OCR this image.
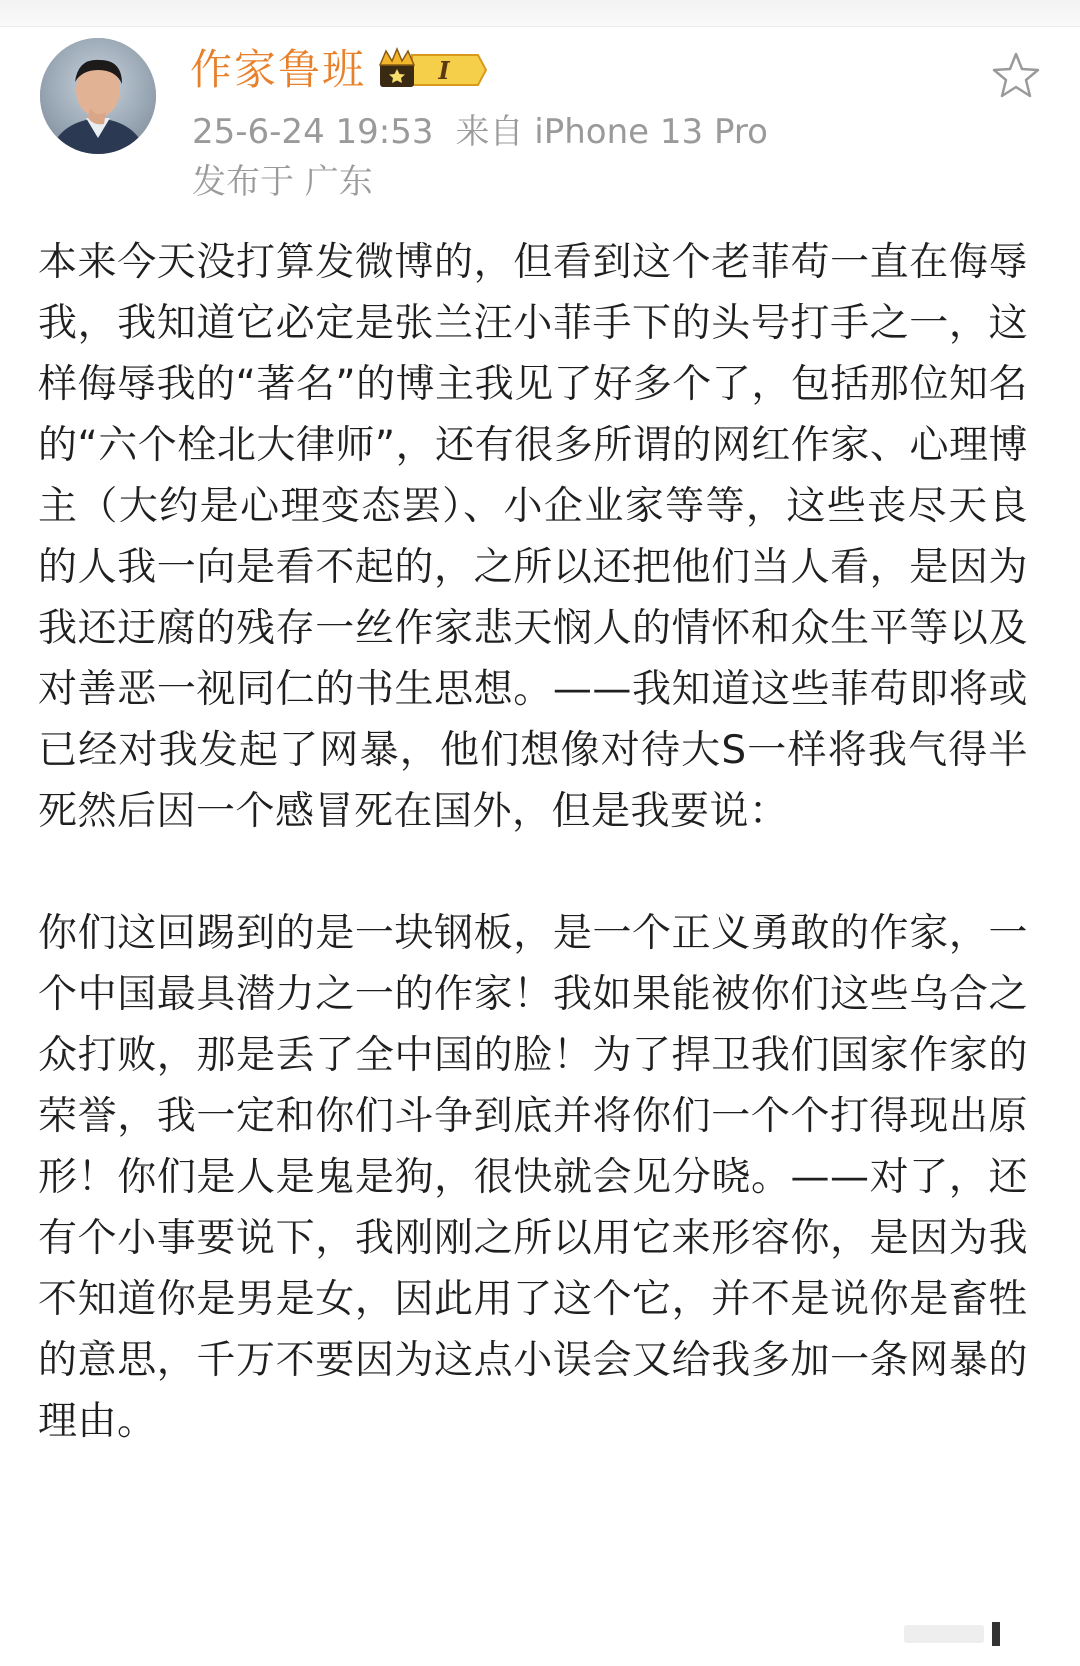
作家鲁班	I
25-6-24 19:53 来自 iPhone 13 Pro
发布于 广东

本来今天没打算发微博的，但看到这个老菲苟一直在侮辱我，我知道它必定是张兰汪小菲手下的头号打手之一，这样侮辱我的“著名”的博主我见了好多个了，包括那位知名的“六个栓北大律师”，还有很多所谓的网红作家、心理博主（大约是心理变态罢）、小企业家等等，这些丧尽天良的人我一向是看不起的，之所以还把他们当人看，是因为我还迂腐的残存一丝作家悲天悯人的情怀和众生平等以及对善恶一视同仁的书生思想。——我知道这些菲苟即将或已经对我发起了网暴，他们想像对待大S一样将我气得半死然后因一个感冒死在国外，但是我要说：

你们这回踢到的是一块钢板，是一个正义勇敢的作家，一个中国最具潜力之一的作家！我如果能被你们这些乌合之众打败，那是丢了全中国的脸！为了捍卫我们国家作家的荣誉，我一定和你们斗争到底并将你们一个个打得现出原形！你们是人是鬼是狗，很快就会见分晓。——对了，还有个小事要说下，我刚刚之所以用它来形容你，是因为我不知道你是男是女，因此用了这个它，并不是说你是畜牲的意思，千万不要因为这点小误会又给我多加一条网暴的理由。
